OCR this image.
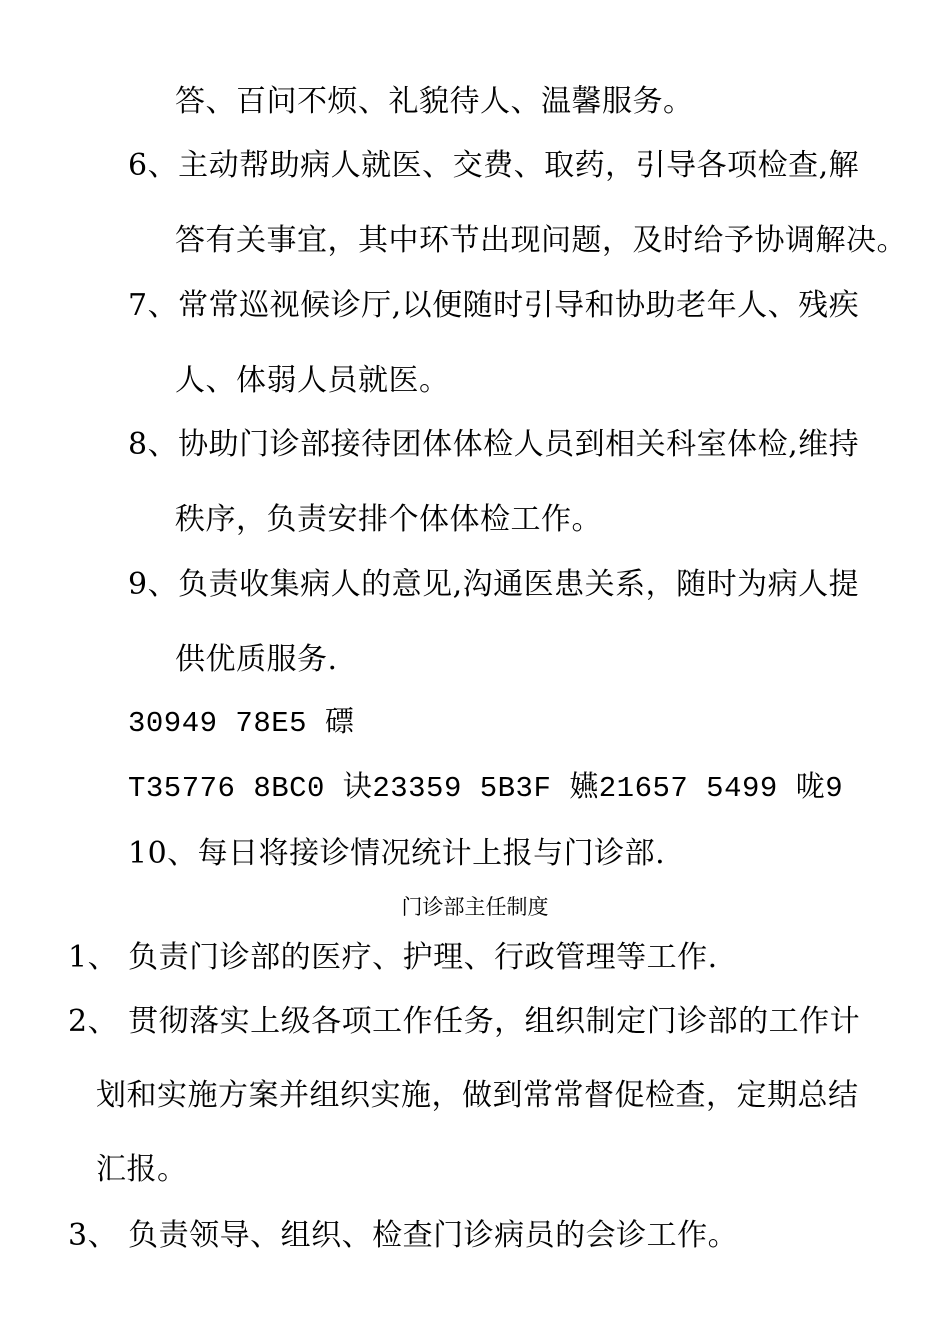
答、百问不烦、礼貌待人、温馨服务。
6、主动帮助病人就医、交费、取药，引导各项检查,解
答有关事宜，其中环节出现问题，及时给予协调解决。
7、常常巡视候诊厅,以便随时引导和协助老年人、残疾
人、体弱人员就医。
8、协助门诊部接待团体体检人员到相关科室体检,维持
秩序，负责安排个体体检工作。
9、负责收集病人的意见,沟通医患关系，随时为病人提
供优质服务.
30949 78E5 磦
T35776 8BC0 诀23359 5B3F 嬿21657 5499 咙9
10、每日将接诊情况统计上报与门诊部.
门诊部主任制度
1、 负责门诊部的医疗、护理、行政管理等工作.
2、 贯彻落实上级各项工作任务，组织制定门诊部的工作计
划和实施方案并组织实施，做到常常督促检查，定期总结
汇报。
3、 负责领导、组织、检查门诊病员的会诊工作。
